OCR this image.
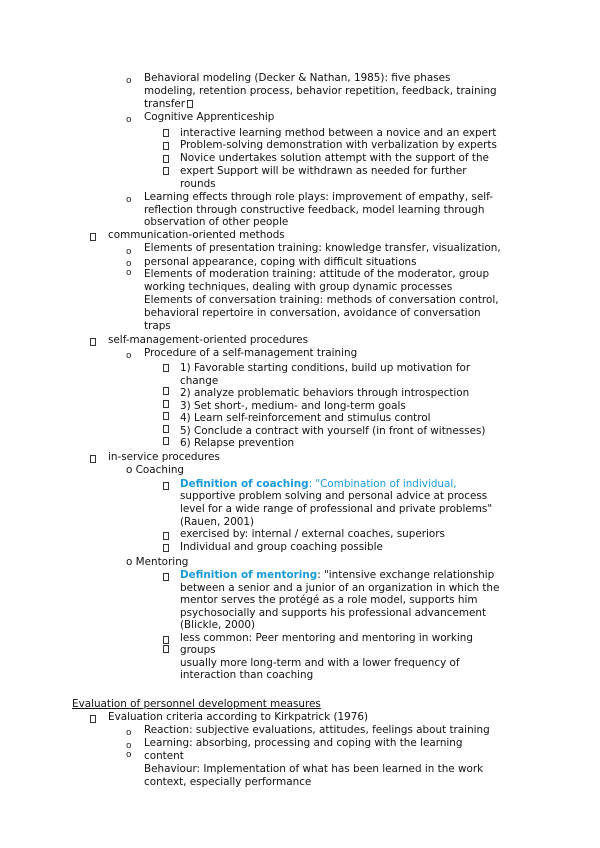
o Behavioral modeling (Decker & Nathan, 1985): five phases
modeling, retention process, behavior repetition, feedback, training
transfer
o Cognitive Apprenticeship
interactive learning method between a novice and an expert
Problem-solving demonstration with verbalization by experts
Novice undertakes solution attempt with the support of the
expert Support will be withdrawn as needed for further
rounds
o Learning effects through role plays: improvement of empathy, self-
reflection through constructive feedback, model learning through
observation of other people
communication-oriented methods
o Elements of presentation training: knowledge transfer, visualization,
o personal appearance, coping with difficult situations
o Elements of moderation training: attitude of the moderator, group
working techniques, dealing with group dynamic processes
Elements of conversation training: methods of conversation control,
behavioral repertoire in conversation, avoidance of conversation
traps
self-management-oriented procedures
o Procedure of a self-management training
1) Favorable starting conditions, build up motivation for
change
2) analyze problematic behaviors through introspection
3) Set short-, medium- and long-term goals
4) Learn self-reinforcement and stimulus control
5) Conclude a contract with yourself (in front of witnesses)
6) Relapse prevention
in-service procedures
o Coaching
Definition of coaching: "Combination of individual,
supportive problem solving and personal advice at process
level for a wide range of professional and private problems"
(Rauen, 2001)
exercised by: internal / external coaches, superiors
Individual and group coaching possible
o Mentoring
Definition of mentoring: "intensive exchange relationship
between a senior and a junior of an organization in which the
mentor serves the protégé as a role model, supports him
psychosocially and supports his professional advancement
(Blickle, 2000)
less common: Peer mentoring and mentoring in working
groups
usually more long-term and with a lower frequency of
interaction than coaching
Evaluation of personnel development measures
Evaluation criteria according to Kirkpatrick (1976)
o Reaction: subjective evaluations, attitudes, feelings about training
o
o
Learning: absorbing, processing and coping with the learning
content
Behaviour: Implementation of what has been learned in the work
context, especially performance
